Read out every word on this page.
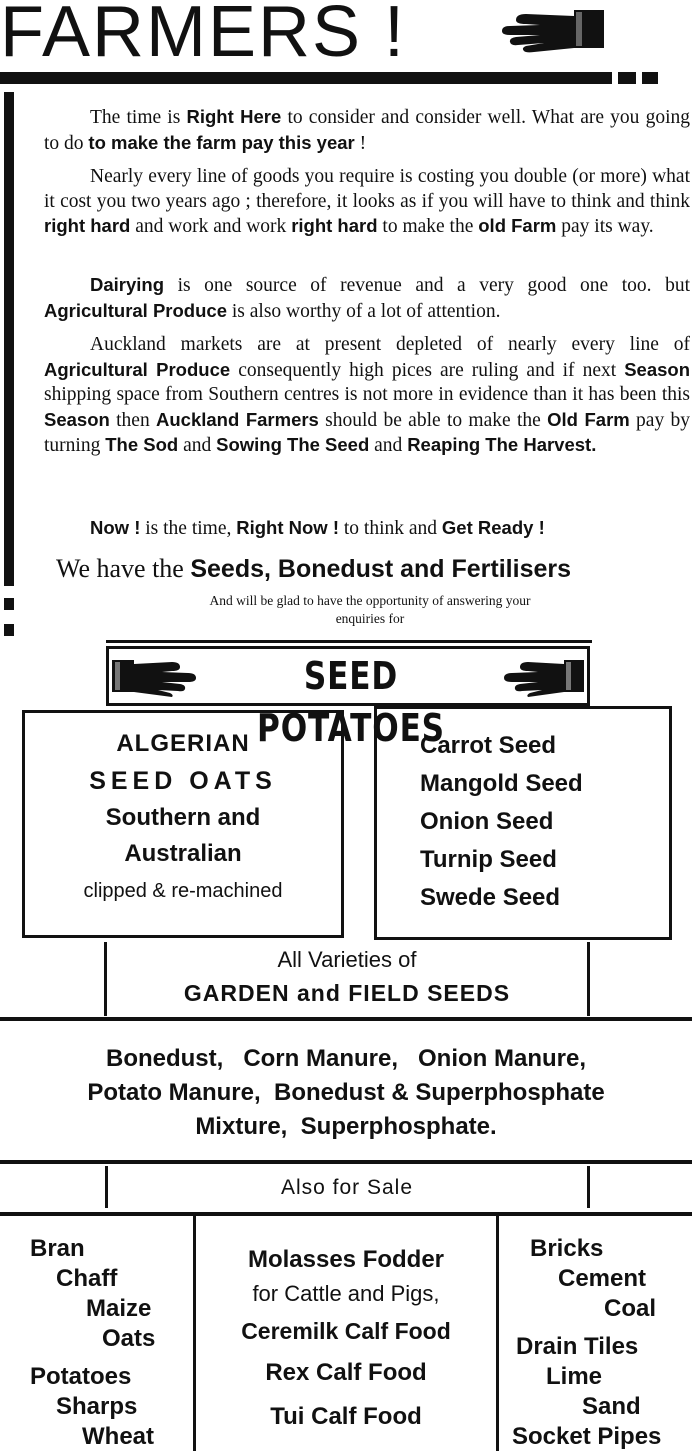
FARMERS !
The time is Right Here to consider and consider well. What are you going to do to make the farm pay this year !
Nearly every line of goods you require is costing you double (or more) what it cost you two years ago ; therefore, it looks as if you will have to think and think right hard and work and work right hard to make the old Farm pay its way.
Dairying is one source of revenue and a very good one too. but Agricultural Produce is also worthy of a lot of attention.
Auckland markets are at present depleted of nearly every line of Agricultural Produce consequently high pices are ruling and if next Season shipping space from Southern centres is not more in evidence than it has been this Season then Auckland Farmers should be able to make the Old Farm pay by turning The Sod and Sowing The Seed and Reaping The Harvest.
Now ! is the time, Right Now ! to think and Get Ready !
We have the Seeds, Bonedust and Fertilisers
And will be glad to have the opportunity of answering your
enquiries for
SEED POTATOES
ALGERIAN
SEED OATS
Southern and
Australian
clipped & re-machined
Carrot Seed
Mangold Seed
Onion Seed
Turnip Seed
Swede Seed
All Varieties of
GARDEN and FIELD SEEDS
Bonedust,   Corn Manure,   Onion Manure,
Potato Manure,  Bonedust & Superphosphate
Mixture,  Superphosphate.
Also for Sale
Bran
Chaff
Maize
Oats
Potatoes
Sharps
Wheat
Molasses Fodder
for Cattle and Pigs,
Ceremilk Calf Food
Rex Calf Food
Tui Calf Food
Bricks
Cement
Coal
Drain Tiles
Lime
Sand
Socket Pipes
